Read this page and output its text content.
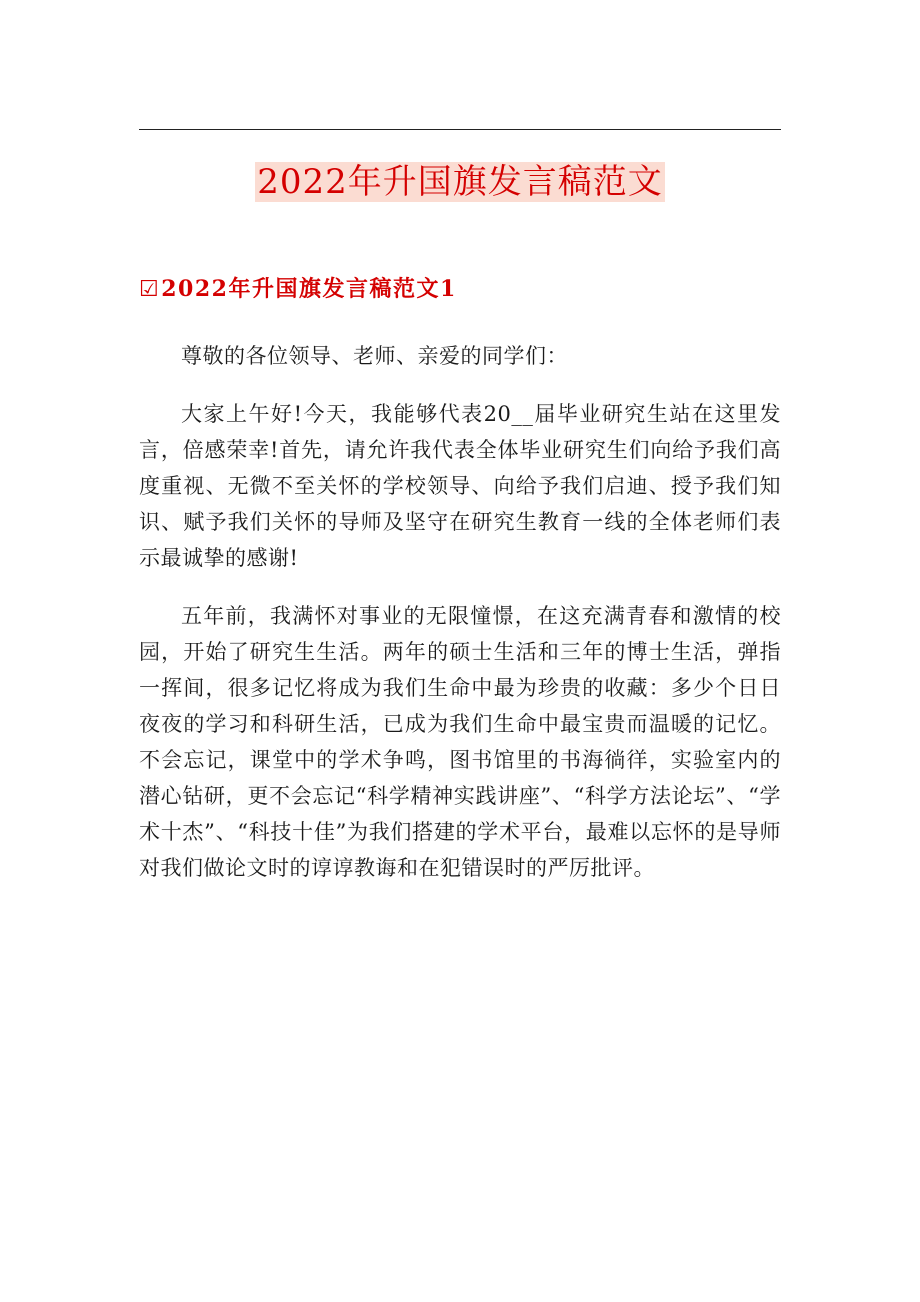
2022年升国旗发言稿范文
☑2022年升国旗发言稿范文1

尊敬的各位领导、老师、亲爱的同学们：

大家上午好!今天，我能够代表20__届毕业研究生站在这里发言，倍感荣幸!首先，请允许我代表全体毕业研究生们向给予我们高度重视、无微不至关怀的学校领导、向给予我们启迪、授予我们知识、赋予我们关怀的导师及坚守在研究生教育一线的全体老师们表示最诚挚的感谢!

五年前，我满怀对事业的无限憧憬，在这充满青春和激情的校园，开始了研究生生活。两年的硕士生活和三年的博士生活，弹指一挥间，很多记忆将成为我们生命中最为珍贵的收藏：多少个日日夜夜的学习和科研生活，已成为我们生命中最宝贵而温暖的记忆。不会忘记，课堂中的学术争鸣，图书馆里的书海徜徉，实验室内的潜心钻研，更不会忘记“科学精神实践讲座”、“科学方法论坛”、“学术十杰”、“科技十佳”为我们搭建的学术平台，最难以忘怀的是导师对我们做论文时的谆谆教诲和在犯错误时的严厉批评。
